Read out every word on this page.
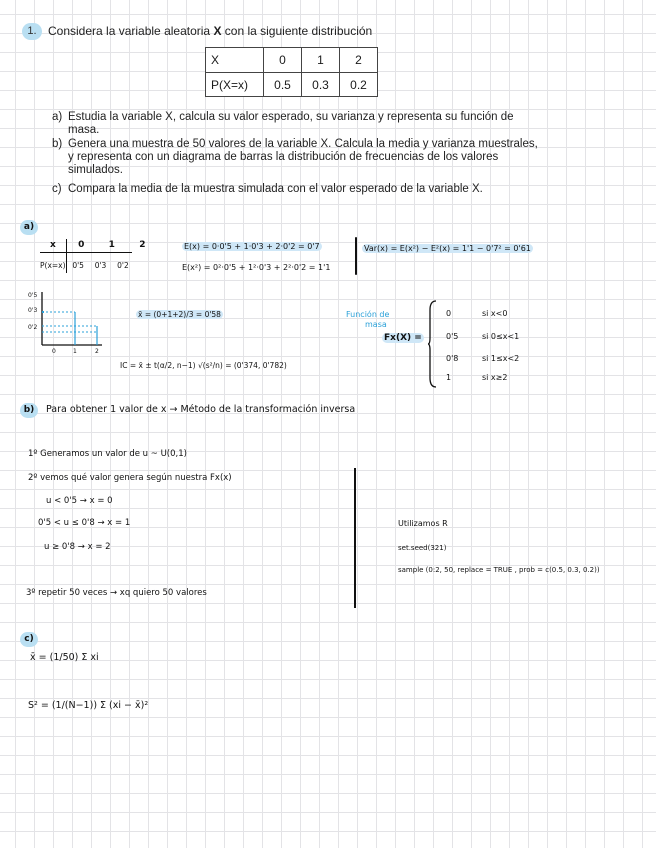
1. Considera la variable aleatoria X con la siguiente distribución
X	0	1	2
P(X=x)	0.5	0.3	0.2
a) Estudia la variable X, calcula su valor esperado, su varianza y representa su función de
masa.
b) Genera una muestra de 50 valores de la variable X. Calcula la media y varianza muestrales,
y representa con un diagrama de barras la distribución de frecuencias de los valores
simulados.
c) Compara la media de la muestra simulada con el valor esperado de la variable X.
a)
x 0	1	2
P(x=x) 0'5 0'3 0'2
E(x) = 0·0'5 + 1·0'3 + 2·0'2 = 0'7
E(x²) = 0²·0'5 + 1²·0'3 + 2²·0'2 = 1'1
Var(x) = E(x²) − E²(x) = 1'1 − 0'7² = 0'61
0'5
0'3
0'2
0	1	2
x̄ = (0+1+2)/3 = 0'58
IC = x̄ ± t(α/2, n−1) √(s²/n) = (0'374, 0'782)
Función de
masa
Fx(X) =
0	si x<0
0'5	si 0≤x<1
0'8	si 1≤x<2
1	si x≥2
b)	Para obtener 1 valor de x → Método de la transformación inversa
1º Generamos un valor de u ~ U(0,1)
2º vemos qué valor genera según nuestra Fx(x)
u < 0'5 → x = 0
0'5 < u ≤ 0'8 → x = 1
u ≥ 0'8 → x = 2
3º repetir 50 veces → xq quiero 50 valores
Utilizamos R
set.seed(321)
sample (0:2, 50, replace = TRUE , prob = c(0.5, 0.3, 0.2))
c)
x̄ = (1/50) Σ xi
S² = (1/(N−1)) Σ (xi − x̄)²
